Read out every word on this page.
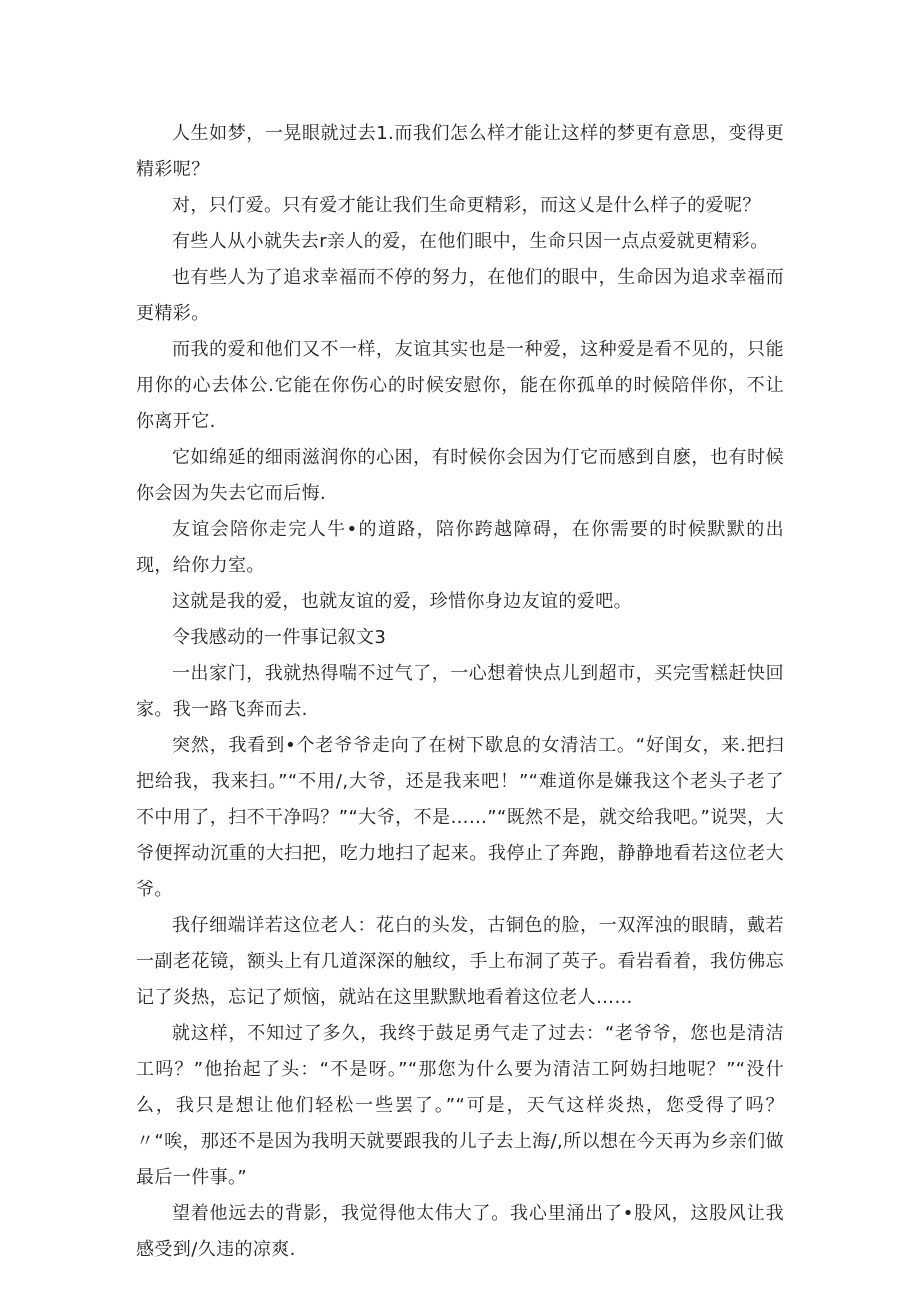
人生如梦，一晃眼就过去1.而我们怎么样才能让这样的梦更有意思，变得更精彩呢？

对，只仃爱。只有爱才能让我们生命更精彩，而这乂是什么样子的爱呢？

有些人从小就失去r亲人的爱，在他们眼中，生命只因一点点爱就更精彩。

也有些人为了追求幸福而不停的努力，在他们的眼中，生命因为追求幸福而更精彩。

而我的爱和他们又不一样，友谊其实也是一种爱，这种爱是看不见的，只能用你的心去体公.它能在你伤心的时候安慰你，能在你孤单的时候陪伴你，不让你离开它.

它如绵延的细雨滋润你的心困，有时候你会因为仃它而感到自麽，也有时候你会因为失去它而后悔.

友谊会陪你走完人牛•的道路，陪你跨越障碍，在你需要的时候默默的出现，给你力室。

这就是我的爱，也就友谊的爱，珍惜你身边友谊的爱吧。

令我感动的一件事记叙文3

一出家门，我就热得喘不过气了，一心想着快点儿到超市，买完雪糕赶快回家。我一路飞奔而去.

突然，我看到•个老爷爷走向了在树下歇息的女清洁工。“好闺女，来.把扫把给我，我来扫。”“不用/,大爷，还是我来吧！”“难道你是嫌我这个老头子老了不中用了，扫不干净吗？”“大爷，不是……”“既然不是，就交给我吧。”说哭，大爷便挥动沉重的大扫把，吃力地扫了起来。我停止了奔跑，静静地看若这位老大爷。

我仔细端详若这位老人：花白的头发，古铜色的脸，一双浑浊的眼睛，戴若一副老花镜，额头上有几道深深的触纹，手上布洞了英子。看岩看着，我仿佛忘记了炎热，忘记了烦恼，就站在这里默默地看着这位老人……

就这样，不知过了多久，我终于鼓足勇气走了过去：“老爷爷，您也是清洁工吗？”他抬起了头：“不是呀。”“那您为什么要为清洁工阿妫扫地呢？”“没什么，我只是想让他们轻松一些罢了。”“可是，天气这样炎热，您受得了吗？〃“唉，那还不是因为我明天就要跟我的儿子去上海/,所以想在今天再为乡亲们做最后一件事。”

望着他远去的背影，我觉得他太伟大了。我心里涌出了•股风，这股风让我感受到/久违的凉爽.
